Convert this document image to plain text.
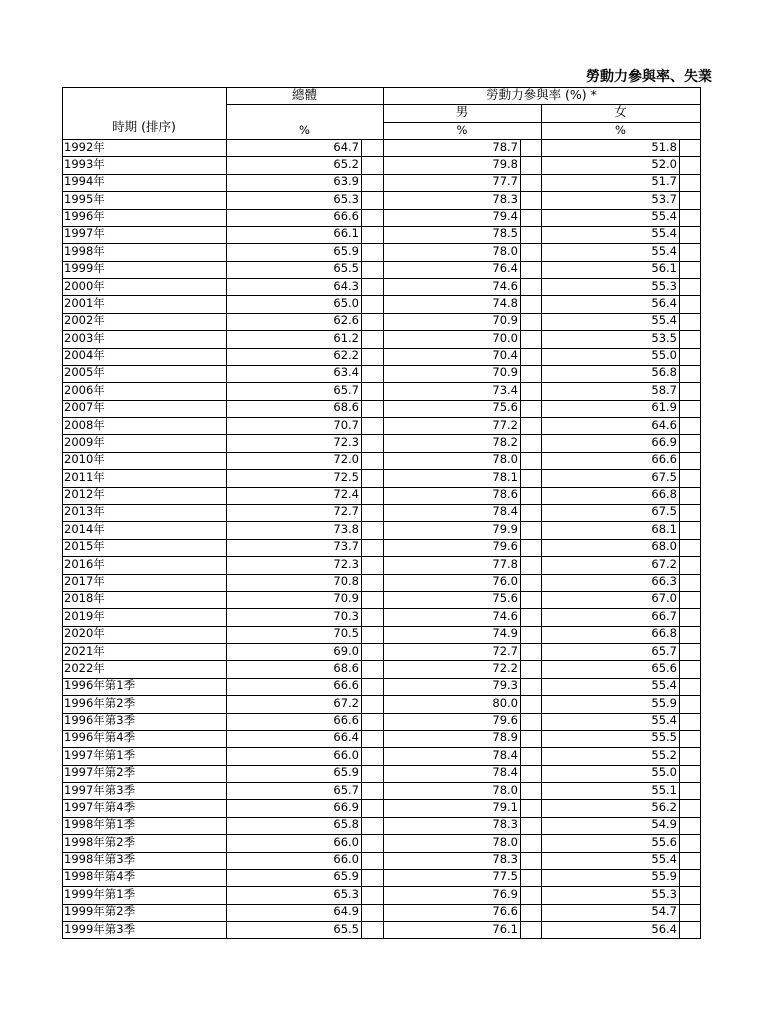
勞動力參與率、失業
時期 (排序)
總體	勞動力參與率 (%) *
男	女
%	%	%
1992年	64.7	78.7	51.8
1993年	65.2	79.8	52.0
1994年	63.9	77.7	51.7
1995年	65.3	78.3	53.7
1996年	66.6	79.4	55.4
1997年	66.1	78.5	55.4
1998年	65.9	78.0	55.4
1999年	65.5	76.4	56.1
2000年	64.3	74.6	55.3
2001年	65.0	74.8	56.4
2002年	62.6	70.9	55.4
2003年	61.2	70.0	53.5
2004年	62.2	70.4	55.0
2005年	63.4	70.9	56.8
2006年	65.7	73.4	58.7
2007年	68.6	75.6	61.9
2008年	70.7	77.2	64.6
2009年	72.3	78.2	66.9
2010年	72.0	78.0	66.6
2011年	72.5	78.1	67.5
2012年	72.4	78.6	66.8
2013年	72.7	78.4	67.5
2014年	73.8	79.9	68.1
2015年	73.7	79.6	68.0
2016年	72.3	77.8	67.2
2017年	70.8	76.0	66.3
2018年	70.9	75.6	67.0
2019年	70.3	74.6	66.7
2020年	70.5	74.9	66.8
2021年	69.0	72.7	65.7
2022年	68.6	72.2	65.6
1996年第1季	66.6	79.3	55.4
1996年第2季	67.2	80.0	55.9
1996年第3季	66.6	79.6	55.4
1996年第4季	66.4	78.9	55.5
1997年第1季	66.0	78.4	55.2
1997年第2季	65.9	78.4	55.0
1997年第3季	65.7	78.0	55.1
1997年第4季	66.9	79.1	56.2
1998年第1季	65.8	78.3	54.9
1998年第2季	66.0	78.0	55.6
1998年第3季	66.0	78.3	55.4
1998年第4季	65.9	77.5	55.9
1999年第1季	65.3	76.9	55.3
1999年第2季	64.9	76.6	54.7
1999年第3季	65.5	76.1	56.4
